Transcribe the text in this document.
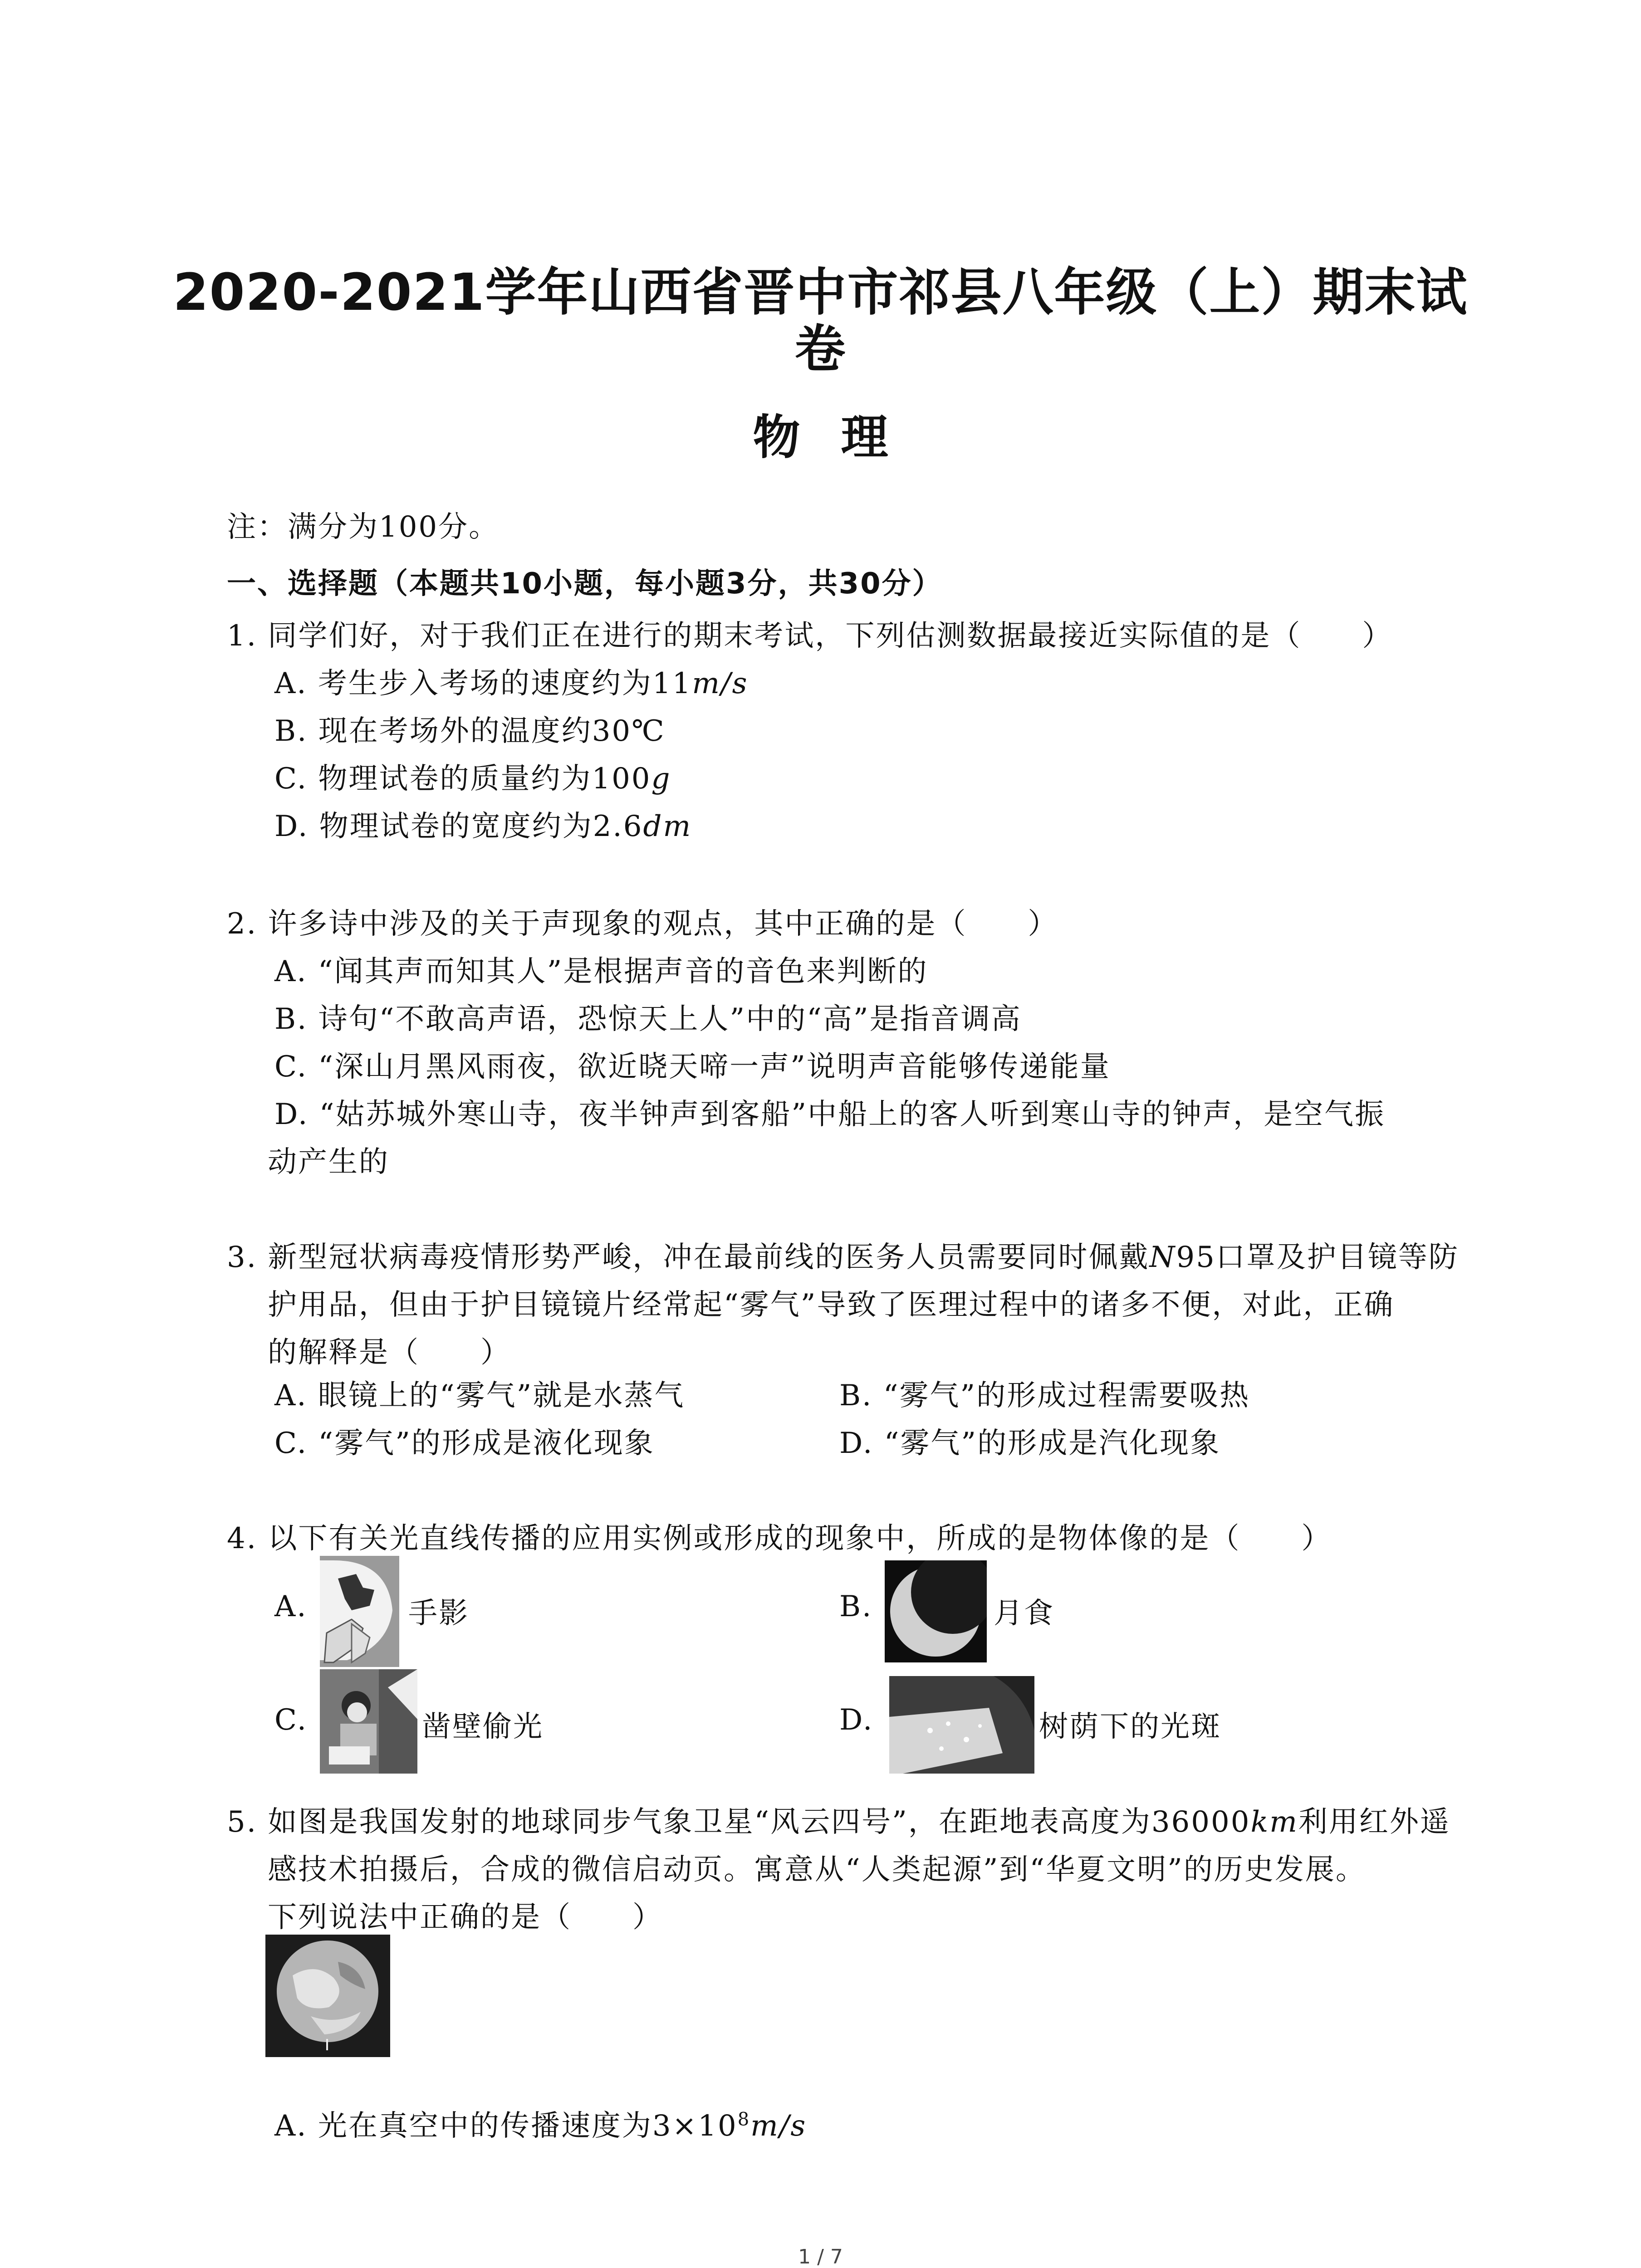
2020-2021学年山西省晋中市祁县八年级（上）期末试
卷
物理
注：满分为100分。
一、选择题（本题共10小题，每小题3分，共30分）
1. 同学们好，对于我们正在进行的期末考试，下列估测数据最接近实际值的是（　　）
A. 考生步入考场的速度约为11m/s
B. 现在考场外的温度约30℃
C. 物理试卷的质量约为100g
D. 物理试卷的宽度约为2.6dm
2. 许多诗中涉及的关于声现象的观点，其中正确的是（　　）
A. “闻其声而知其人”是根据声音的音色来判断的
B. 诗句“不敢高声语，恐惊天上人”中的“高”是指音调高
C. “深山月黑风雨夜，欲近晓天啼一声”说明声音能够传递能量
D. “姑苏城外寒山寺，夜半钟声到客船”中船上的客人听到寒山寺的钟声，是空气振
动产生的
3. 新型冠状病毒疫情形势严峻，冲在最前线的医务人员需要同时佩戴N95口罩及护目镜等防
护用品，但由于护目镜镜片经常起“雾气”导致了医理过程中的诸多不便，对此，正确
的解释是（　　）
A. 眼镜上的“雾气”就是水蒸气	B. “雾气”的形成过程需要吸热
C. “雾气”的形成是液化现象	D. “雾气”的形成是汽化现象
4. 以下有关光直线传播的应用实例或形成的现象中，所成的是物体像的是（　　）
A.	手影	B.	月食
C.	凿壁偷光	D.	树荫下的光斑
5. 如图是我国发射的地球同步气象卫星“风云四号”，在距地表高度为36000km利用红外遥
感技术拍摄后，合成的微信启动页。寓意从“人类起源”到“华夏文明”的历史发展。
下列说法中正确的是（　　）
A. 光在真空中的传播速度为$3\times 10^8m/s$
1 / 7
